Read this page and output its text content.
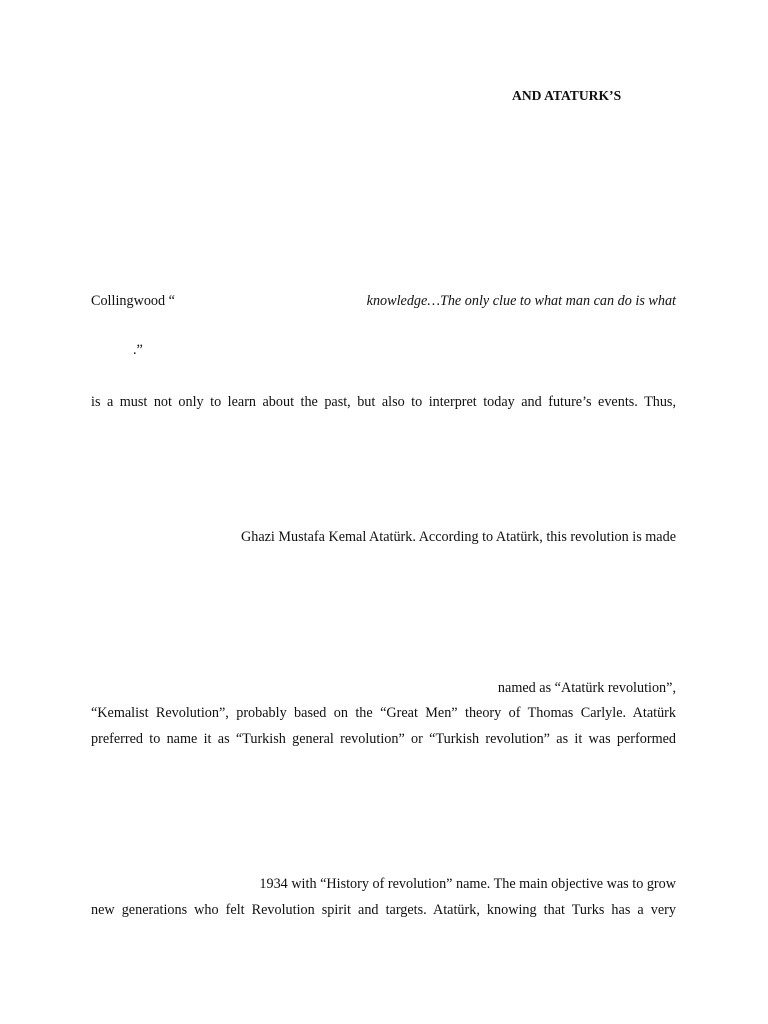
AND ATATURK’S
Collingwood “	knowledge…The only clue to what man can do is what
.”
is a must not only to learn about the past, but also to interpret today and future’s events. Thus,
Ghazi Mustafa Kemal Atatürk. According to Atatürk, this revolution is made
named as “Atatürk revolution”,
“Kemalist Revolution”, probably based on the “Great Men” theory of Thomas Carlyle. Atatürk
preferred to name it as “Turkish general revolution” or “Turkish revolution” as it was performed
1934 with “History of revolution” name. The main objective was to grow
new generations who felt Revolution spirit and targets. Atatürk, knowing that Turks has a very
